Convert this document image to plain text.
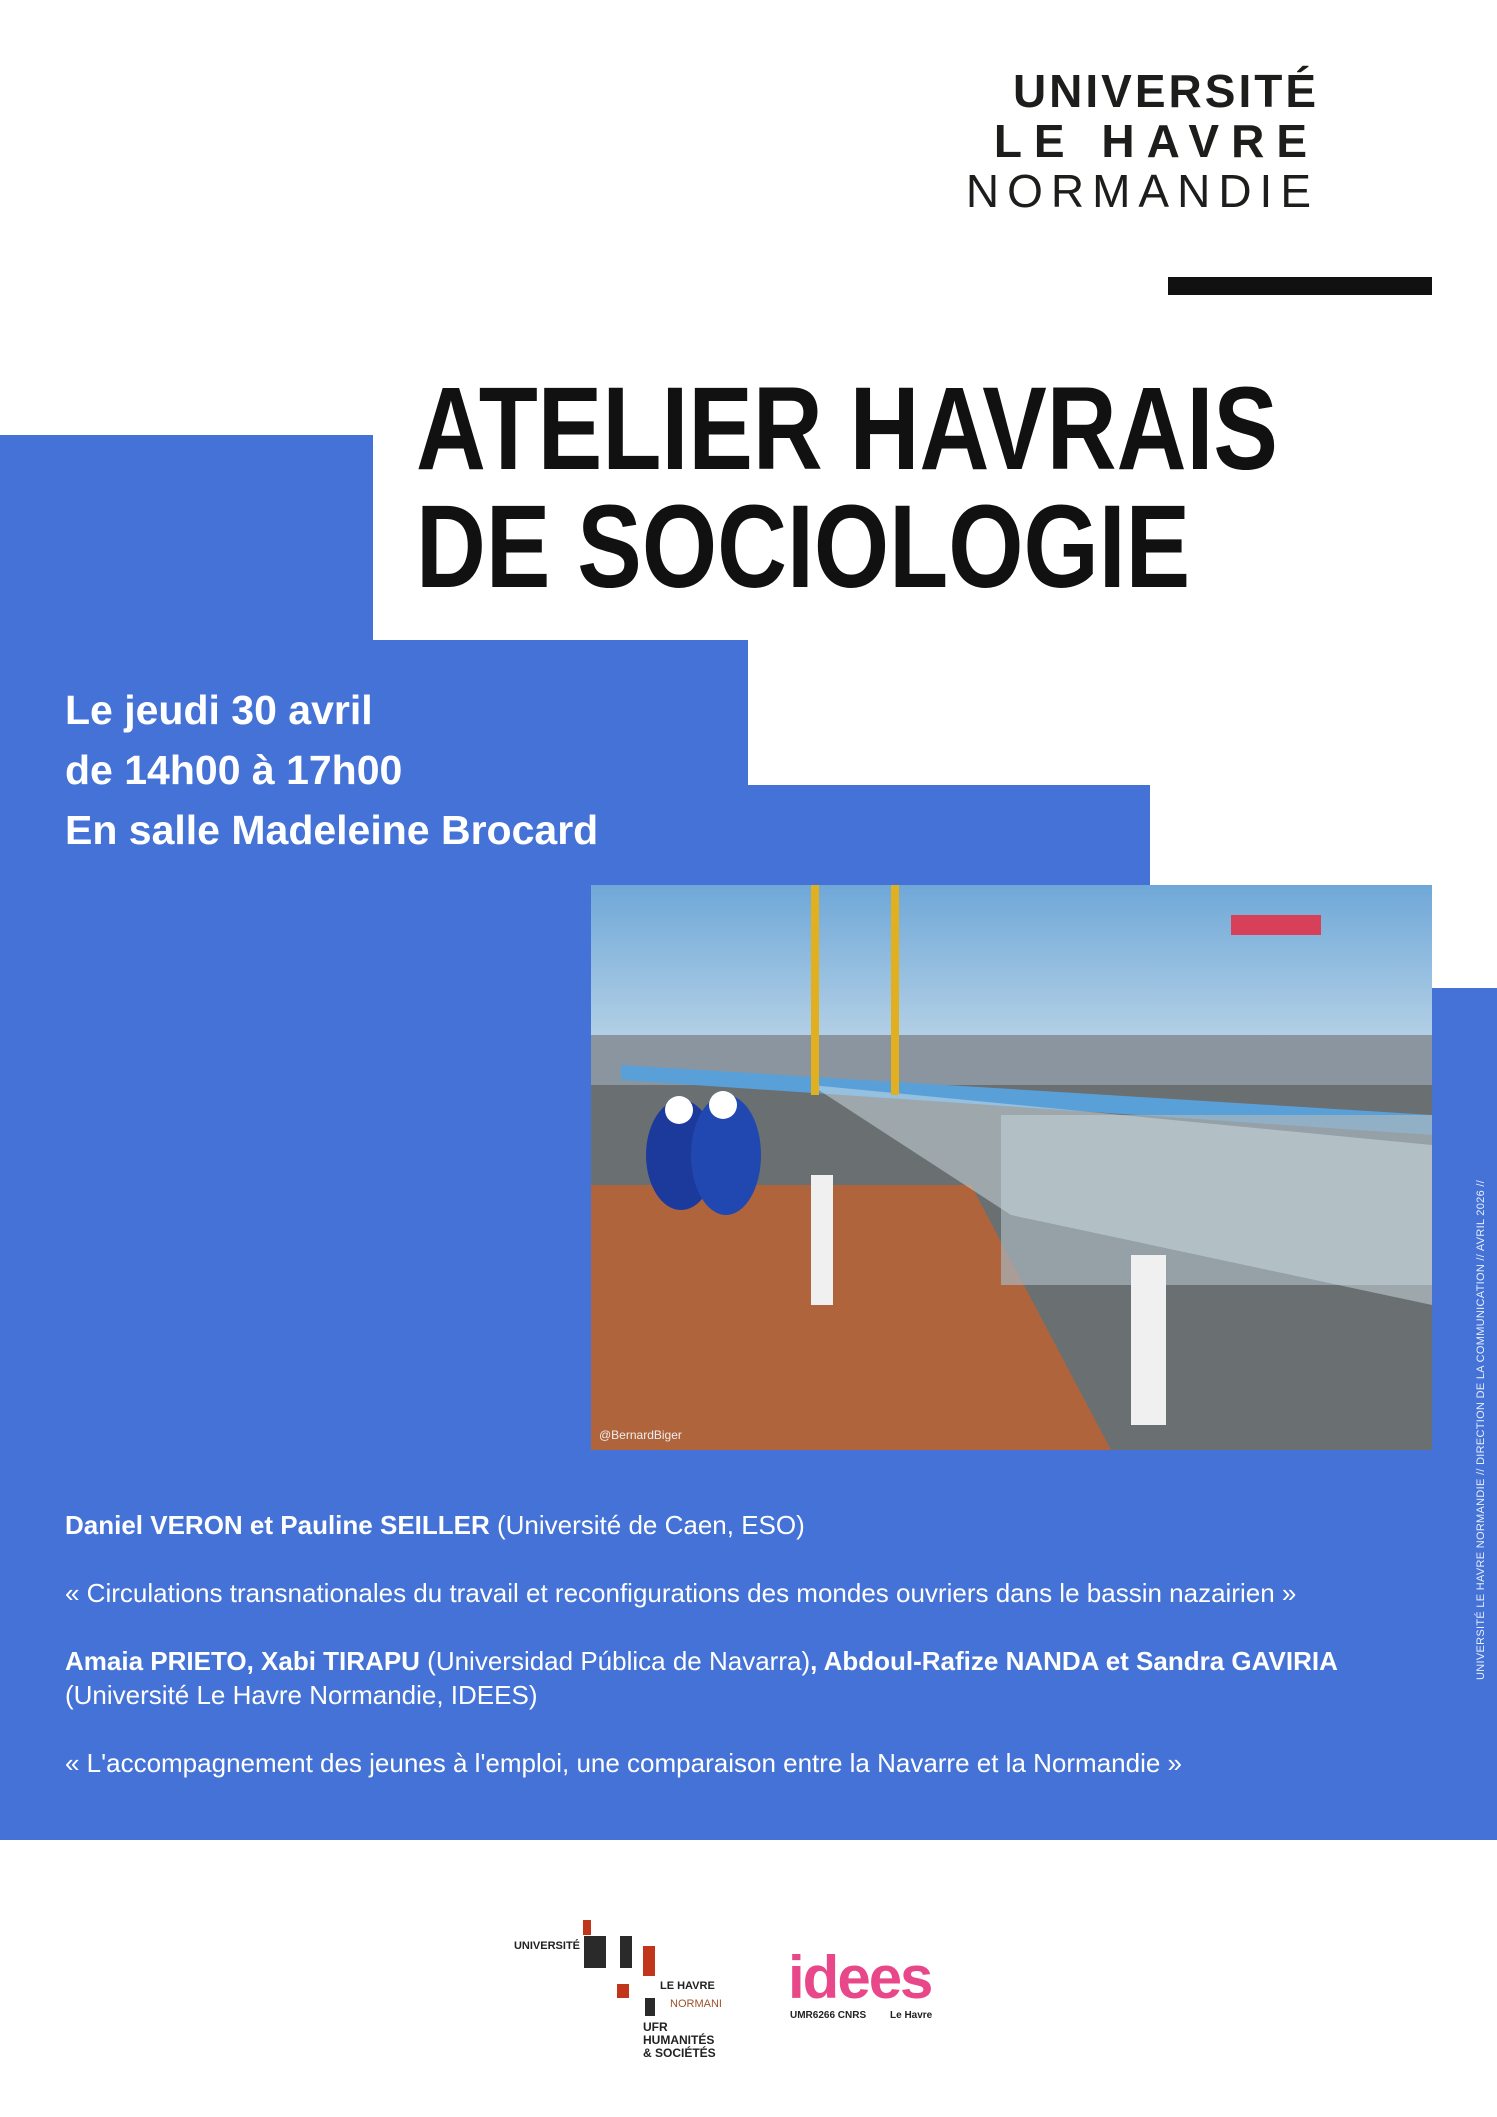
UNIVERSITÉ
LE HAVRE
NORMANDIE
ATELIER HAVRAIS
DE SOCIOLOGIE
Le jeudi 30 avril
de 14h00 à 17h00
En salle Madeleine Brocard
@BernardBiger

Daniel VERON et Pauline SEILLER (Université de Caen, ESO)

« Circulations transnationales du travail et reconfigurations des mondes ouvriers dans le bassin nazairien »

Amaia PRIETO, Xabi TIRAPU (Universidad Pública de Navarra), Abdoul-Rafize NANDA et Sandra GAVIRIA
(Université Le Havre Normandie, IDEES)

« L'accompagnement des jeunes à l'emploi, une comparaison entre la Navarre et la Normandie »

UNIVERSITÉ LE HAVRE NORMANDIE // DIRECTION DE LA COMMUNICATION // AVRIL 2026 //
UNIVERSITÉ
LE HAVRE
NORMANI
UFR
HUMANITÉS
& SOCIÉTÉS
idees
UMR6266 CNRS Le Havre
